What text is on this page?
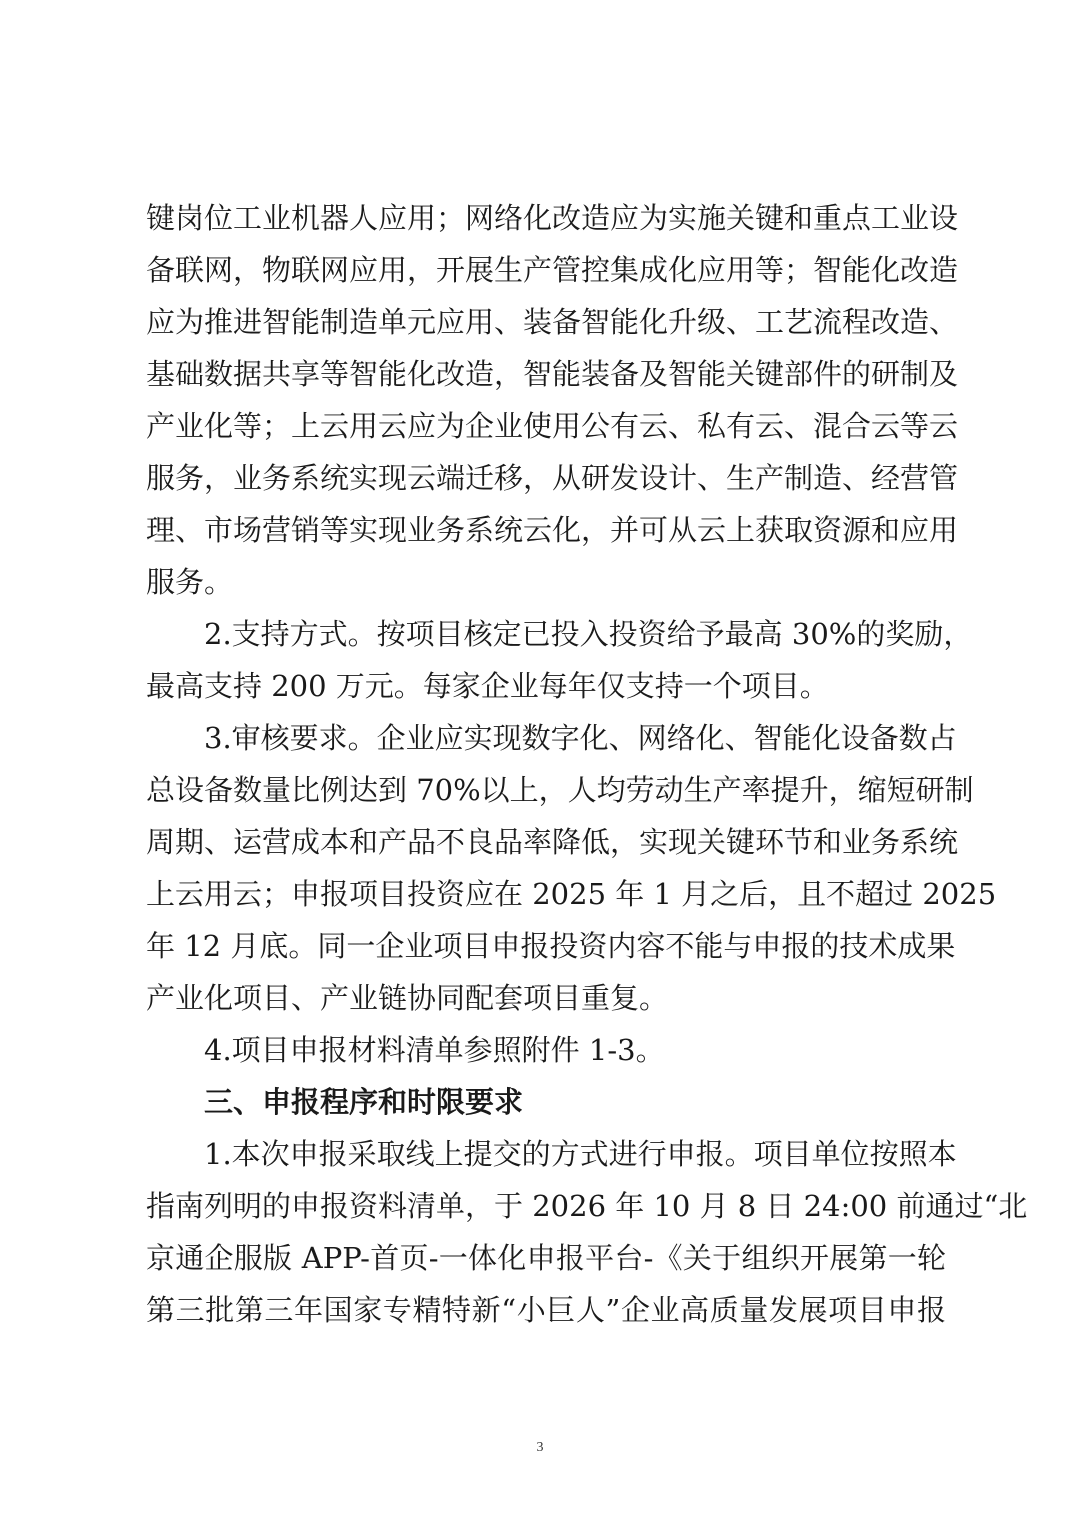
键岗位工业机器人应用；网络化改造应为实施关键和重点工业设
备联网，物联网应用，开展生产管控集成化应用等；智能化改造
应为推进智能制造单元应用、装备智能化升级、工艺流程改造、
基础数据共享等智能化改造，智能装备及智能关键部件的研制及
产业化等；上云用云应为企业使用公有云、私有云、混合云等云
服务，业务系统实现云端迁移，从研发设计、生产制造、经营管
理、市场营销等实现业务系统云化，并可从云上获取资源和应用
服务。
2.支持方式。按项目核定已投入投资给予最高 30%的奖励，
最高支持 200 万元。每家企业每年仅支持一个项目。
3.审核要求。企业应实现数字化、网络化、智能化设备数占
总设备数量比例达到 70%以上，人均劳动生产率提升，缩短研制
周期、运营成本和产品不良品率降低，实现关键环节和业务系统
上云用云；申报项目投资应在 2025 年 1 月之后，且不超过 2025
年 12 月底。同一企业项目申报投资内容不能与申报的技术成果
产业化项目、产业链协同配套项目重复。
4.项目申报材料清单参照附件 1-3。
三、申报程序和时限要求
1.本次申报采取线上提交的方式进行申报。项目单位按照本
指南列明的申报资料清单，于 2026 年 10 月 8 日 24:00 前通过“北
京通企服版 APP-首页-一体化申报平台-《关于组织开展第一轮
第三批第三年国家专精特新“小巨人”企业高质量发展项目申报
3
